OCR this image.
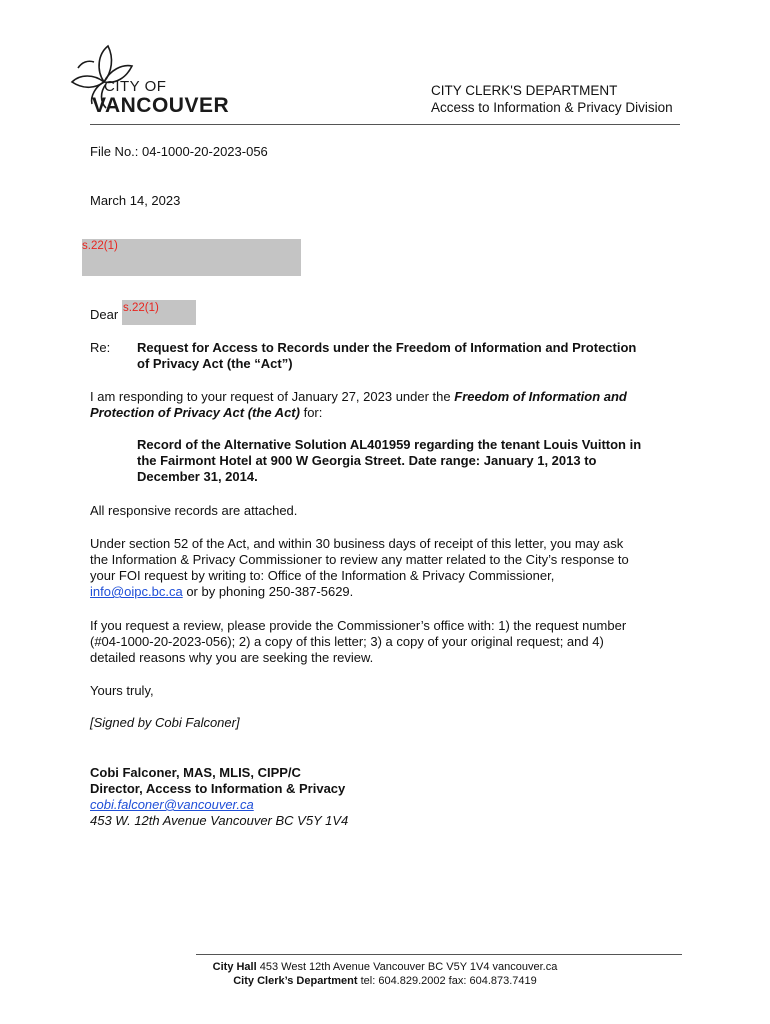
CITY OF
VANCOUVER
CITY CLERK'S DEPARTMENT
Access to Information & Privacy Division
File No.: 04-1000-20-2023-056
March 14, 2023
s.22(1)
Dear s.22(1)
Re:	Request for Access to Records under the Freedom of Information and Protection
of Privacy Act (the “Act”)
I am responding to your request of January 27, 2023 under the Freedom of Information and
Protection of Privacy Act (the Act) for:
Record of the Alternative Solution AL401959 regarding the tenant Louis Vuitton in
the Fairmont Hotel at 900 W Georgia Street. Date range: January 1, 2013 to
December 31, 2014.
All responsive records are attached.
Under section 52 of the Act, and within 30 business days of receipt of this letter, you may ask
the Information & Privacy Commissioner to review any matter related to the City’s response to
your FOI request by writing to: Office of the Information & Privacy Commissioner,
info@oipc.bc.ca or by phoning 250-387-5629.
If you request a review, please provide the Commissioner’s office with: 1) the request number
(#04-1000-20-2023-056); 2) a copy of this letter; 3) a copy of your original request; and 4)
detailed reasons why you are seeking the review.
Yours truly,
[Signed by Cobi Falconer]
Cobi Falconer, MAS, MLIS, CIPP/C
Director, Access to Information & Privacy
cobi.falconer@vancouver.ca
453 W. 12th Avenue Vancouver BC V5Y 1V4
City Hall 453 West 12th Avenue Vancouver BC V5Y 1V4 vancouver.ca
City Clerk’s Department tel: 604.829.2002 fax: 604.873.7419
